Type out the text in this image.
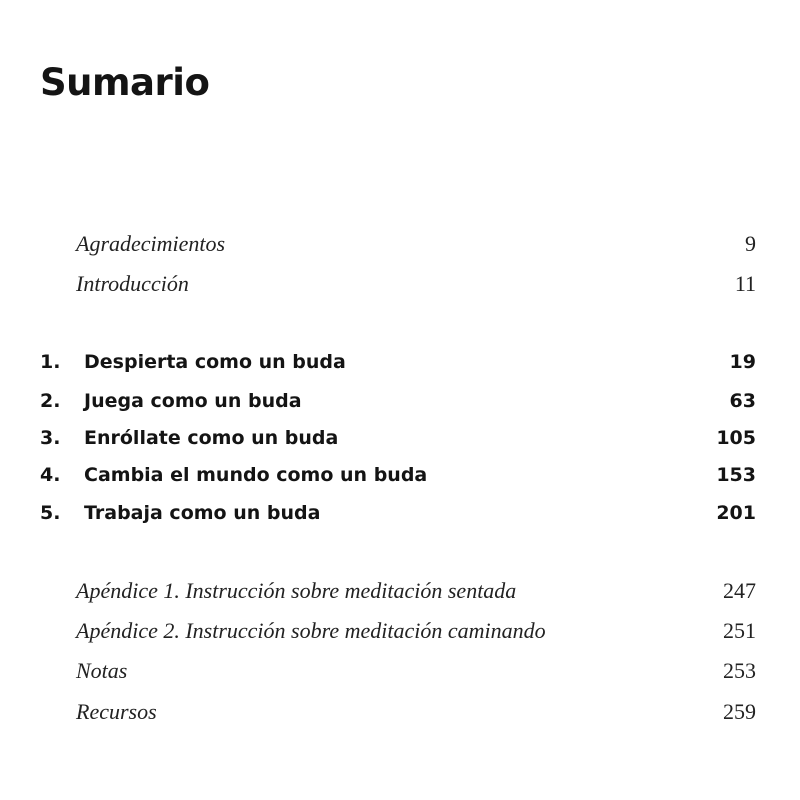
Sumario
Agradecimientos	9
Introducción	11
1.	Despierta como un buda	19
2.	Juega como un buda	63
3.	Enróllate como un buda	105
4.	Cambia el mundo como un buda	153
5.	Trabaja como un buda	201
Apéndice 1. Instrucción sobre meditación sentada	247
Apéndice 2. Instrucción sobre meditación caminando	251
Notas	253
Recursos	259
